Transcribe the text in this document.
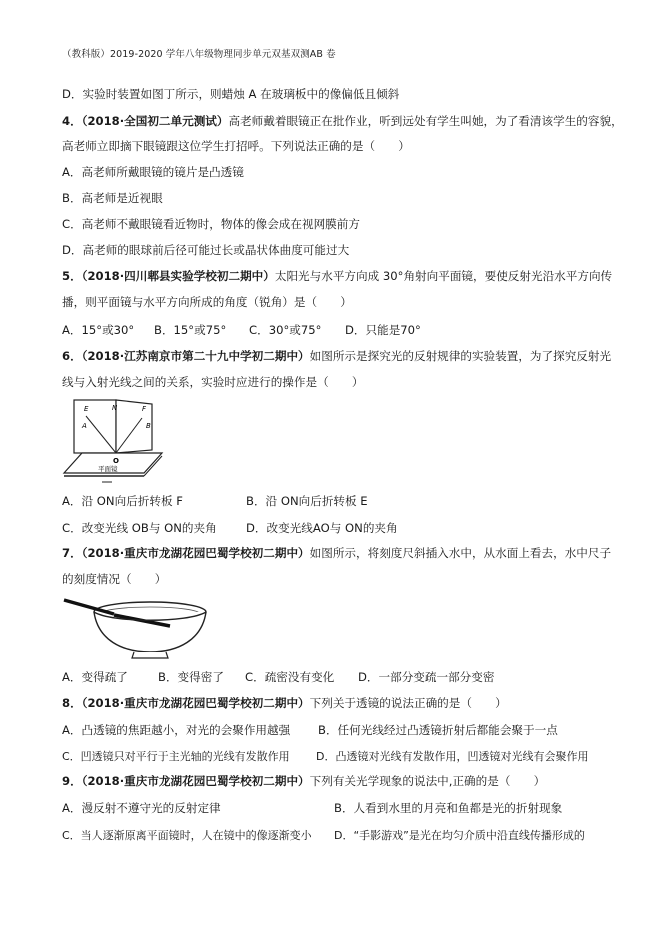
（教科版）2019-2020 学年八年级物理同步单元双基双测AB 卷
D．实验时装置如图丁所示，则蜡烛 A 在玻璃板中的像偏低且倾斜
4．（2018·全国初二单元测试）高老师戴着眼镜正在批作业，听到远处有学生叫她，为了看清该学生的容貌，
高老师立即摘下眼镜跟这位学生打招呼。下列说法正确的是（　　）
A．高老师所戴眼镜的镜片是凸透镜
B．高老师是近视眼
C．高老师不戴眼镜看近物时，物体的像会成在视网膜前方
D．高老师的眼球前后径可能过长或晶状体曲度可能过大
5．（2018·四川郫县实验学校初二期中）太阳光与水平方向成 30°角射向平面镜，要使反射光沿水平方向传
播，则平面镜与水平方向所成的角度（锐角）是（　　）
A．15°或30° B．15°或75° C．30°或75° D．只能是70°
6．（2018·江苏南京市第二十九中学初二期中）如图所示是探究光的反射规律的实验装置，为了探究反射光
线与入射光线之间的关系，实验时应进行的操作是（　　）
E	N	F
A	B
O
平面镜
A．沿 ON向后折转板 F	B．沿 ON向后折转板 E
C．改变光线 OB与 ON的夹角	D．改变光线AO与 ON的夹角
7．（2018·重庆市龙湖花园巴蜀学校初二期中）如图所示，将刻度尺斜插入水中，从水面上看去，水中尺子
的刻度情况（　　）
A．变得疏了	B．变得密了 C．疏密没有变化 D．一部分变疏一部分变密
8．（2018·重庆市龙湖花园巴蜀学校初二期中）下列关于透镜的说法正确的是（　　）
A．凸透镜的焦距越小，对光的会聚作用越强 B．任何光线经过凸透镜折射后都能会聚于一点
C．凹透镜只对平行于主光轴的光线有发散作用 D．凸透镜对光线有发散作用，凹透镜对光线有会聚作用
9．（2018·重庆市龙湖花园巴蜀学校初二期中）下列有关光学现象的说法中,正确的是（　　）
A．漫反射不遵守光的反射定律	B．人看到水里的月亮和鱼都是光的折射现象
C．当人逐渐原离平面镜时，人在镜中的像逐渐变小 D．“手影游戏”是光在均匀介质中沿直线传播形成的
